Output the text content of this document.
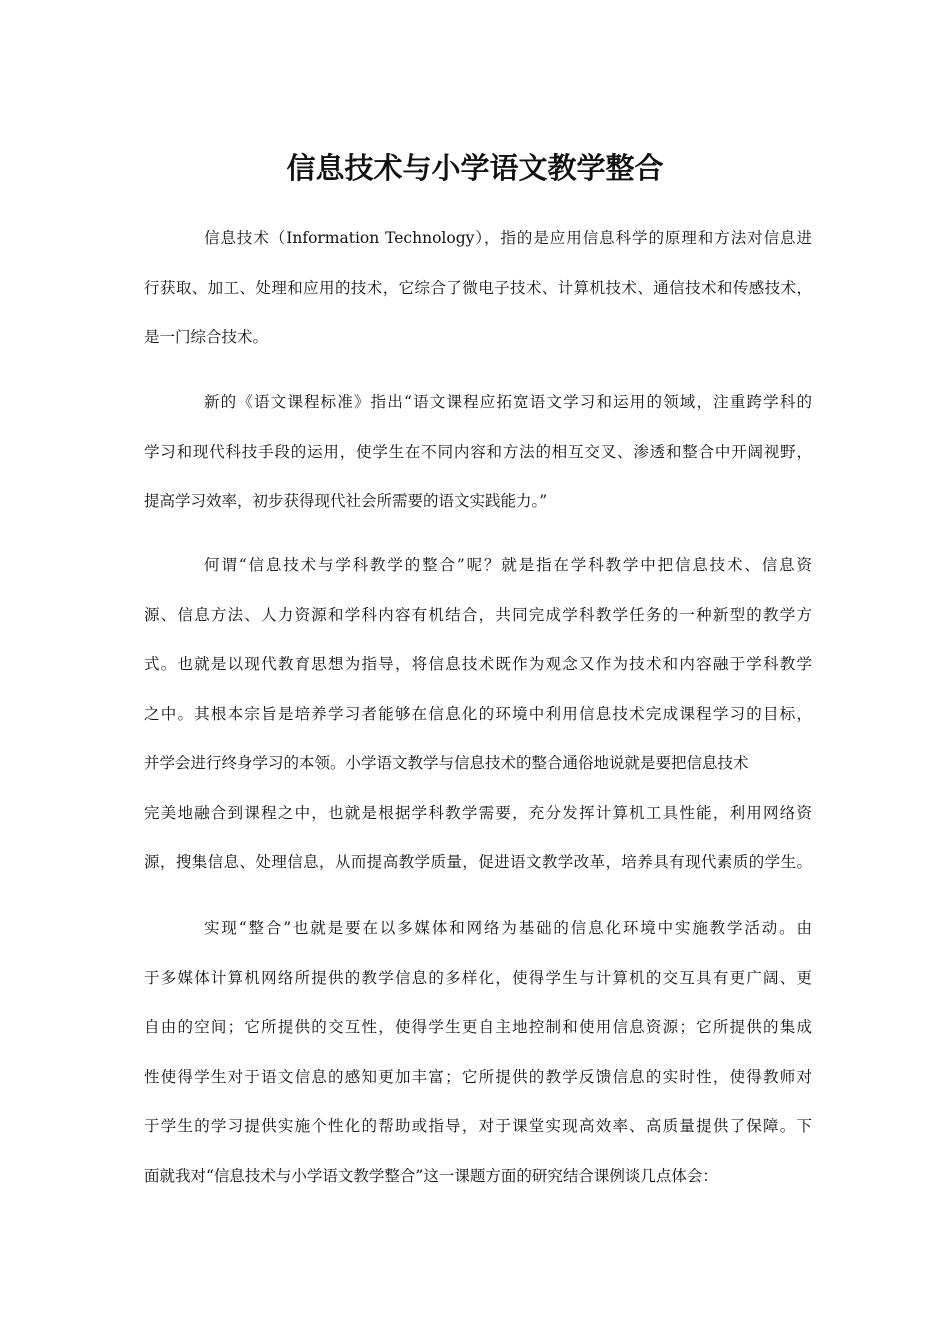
信息技术与小学语文教学整合
信息技术（Information Technology），指的是应用信息科学的原理和方法对信息进
行获取、加工、处理和应用的技术，它综合了微电子技术、计算机技术、通信技术和传感技术，
是一门综合技术。
新的《语文课程标准》指出“语文课程应拓宽语文学习和运用的领域，注重跨学科的
学习和现代科技手段的运用，使学生在不同内容和方法的相互交叉、渗透和整合中开阔视野，
提高学习效率，初步获得现代社会所需要的语文实践能力。”
何谓“信息技术与学科教学的整合”呢？就是指在学科教学中把信息技术、信息资
源、信息方法、人力资源和学科内容有机结合，共同完成学科教学任务的一种新型的教学方
式。也就是以现代教育思想为指导，将信息技术既作为观念又作为技术和内容融于学科教学
之中。其根本宗旨是培养学习者能够在信息化的环境中利用信息技术完成课程学习的目标，
并学会进行终身学习的本领。小学语文教学与信息技术的整合通俗地说就是要把信息技术
完美地融合到课程之中，也就是根据学科教学需要，充分发挥计算机工具性能，利用网络资
源，搜集信息、处理信息，从而提高教学质量，促进语文教学改革，培养具有现代素质的学生。
实现“整合”也就是要在以多媒体和网络为基础的信息化环境中实施教学活动。由
于多媒体计算机网络所提供的教学信息的多样化，使得学生与计算机的交互具有更广阔、更
自由的空间；它所提供的交互性，使得学生更自主地控制和使用信息资源；它所提供的集成
性使得学生对于语文信息的感知更加丰富；它所提供的教学反馈信息的实时性，使得教师对
于学生的学习提供实施个性化的帮助或指导，对于课堂实现高效率、高质量提供了保障。下
面就我对“信息技术与小学语文教学整合”这一课题方面的研究结合课例谈几点体会：
